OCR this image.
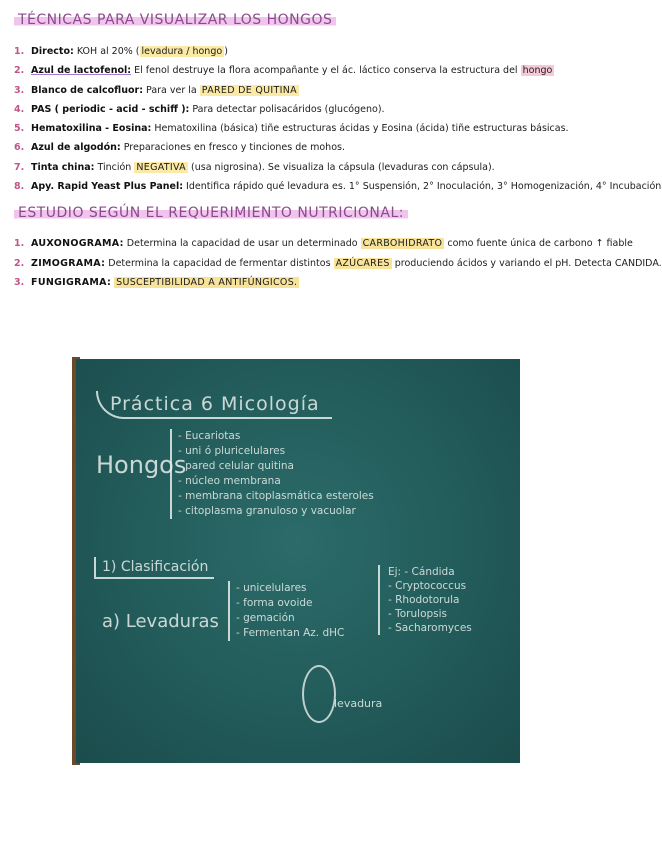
TÉCNICAS PARA VISUALIZAR LOS HONGOS
1. Directo: KOH al 20% ( levadura / hongo )
2. Azul de lactofenol: El fenol destruye la flora acompañante y el ác. láctico conserva la estructura del hongo
3. Blanco de calcofluor: Para ver la PARED DE QUITINA
4. PAS ( periodic - acid - schiff ): Para detectar polisacáridos (glucógeno).
5. Hematoxilina - Eosina: Hematoxilina (básica) tiñe estructuras ácidas y Eosina (ácida) tiñe estructuras básicas.
6. Azul de algodón: Preparaciones en fresco y tinciones de mohos.
7. Tinta china: Tinción NEGATIVA (usa nigrosina). Se visualiza la cápsula (levaduras con cápsula).
8. Apy. Rapid Yeast Plus Panel: Identifica rápido qué levadura es. 1° Suspensión, 2° Inoculación, 3° Homogenización, 4° Incubación
ESTUDIO SEGÚN EL REQUERIMIENTO NUTRICIONAL:
1. AUXONOGRAMA: Determina la capacidad de usar un determinado CARBOHIDRATO como fuente única de carbono ↑ fiable
2. ZIMOGRAMA: Determina la capacidad de fermentar distintos AZÚCARES produciendo ácidos y variando el pH. Detecta CANDIDA.
3. FUNGIGRAMA: SUSCEPTIBILIDAD A ANTIFÚNGICOS.
Práctica 6 Micología
Hongos
- Eucariotas
- uni ó pluricelulares
- pared celular quitina
- núcleo membrana
- membrana citoplasmática esteroles
- citoplasma granuloso y vacuolar
1) Clasificación
a) Levaduras
- unicelulares
- forma ovoide
- gemación
- Fermentan Az. dHC
Ej: - Cándida
- Cryptococcus
- Rhodotorula
- Torulopsis
- Sacharomyces
levadura
